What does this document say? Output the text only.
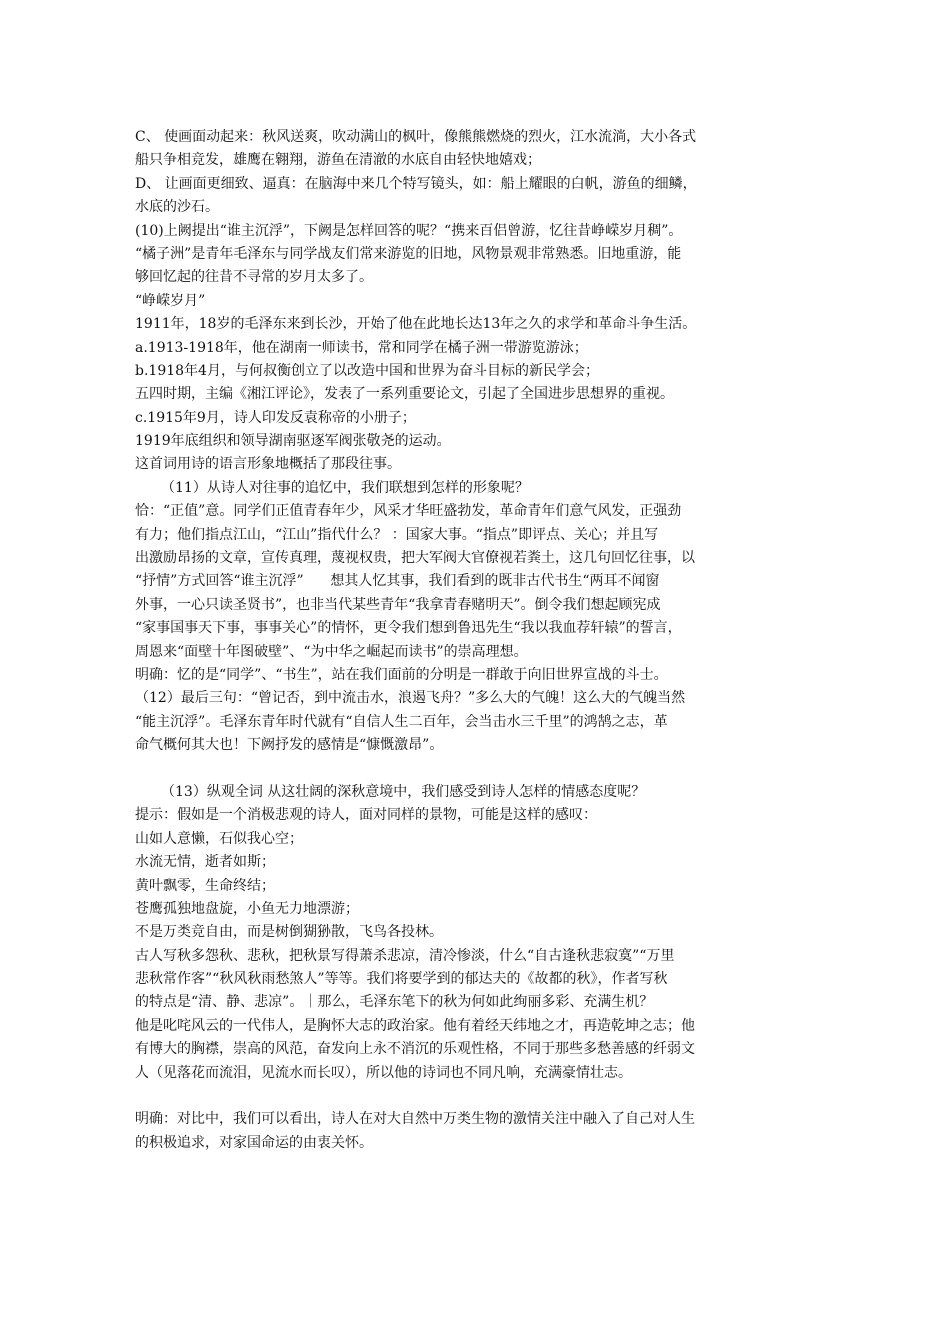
C、 使画面动起来：秋风送爽，吹动满山的枫叶，像熊熊燃烧的烈火，江水流淌，大小各式
船只争相竞发，雄鹰在翱翔，游鱼在清澈的水底自由轻快地嬉戏；
D、 让画面更细致、逼真：在脑海中来几个特写镜头，如：船上耀眼的白帆，游鱼的细鳞，
水底的沙石。
(10)上阙提出“谁主沉浮”，下阙是怎样回答的呢？“携来百侣曾游，忆往昔峥嵘岁月稠”。
“橘子洲”是青年毛泽东与同学战友们常来游览的旧地，风物景观非常熟悉。旧地重游，能
够回忆起的往昔不寻常的岁月太多了。
“峥嵘岁月”
1911年，18岁的毛泽东来到长沙，开始了他在此地长达13年之久的求学和革命斗争生活。
a.1913-1918年，他在湖南一师读书，常和同学在橘子洲一带游览游泳；
b.1918年4月，与何叔衡创立了以改造中国和世界为奋斗目标的新民学会；
五四时期，主编《湘江评论》，发表了一系列重要论文，引起了全国进步思想界的重视。
c.1915年9月，诗人印发反袁称帝的小册子；
1919年底组织和领导湖南驱逐军阀张敬尧的运动。
这首词用诗的语言形象地概括了那段往事。
（11）从诗人对往事的追忆中，我们联想到怎样的形象呢？
恰：“正值”意。同学们正值青春年少，风采才华旺盛勃发，革命青年们意气风发，正强劲
有力；他们指点江山，“江山”指代什么？ ：国家大事。“指点”即评点、关心；并且写
出激励昂扬的文章，宣传真理，蔑视权贵，把大军阀大官僚视若粪土，这几句回忆往事，以
“抒情”方式回答“谁主沉浮”      想其人忆其事，我们看到的既非古代书生“两耳不闻窗
外事，一心只读圣贤书”，也非当代某些青年“我拿青春赌明天”。倒令我们想起顾宪成
“家事国事天下事，事事关心”的情怀，更令我们想到鲁迅先生“我以我血荐轩辕”的誓言，
周恩来“面壁十年图破壁”、“为中华之崛起而读书”的崇高理想。
明确：忆的是“同学”、“书生”，站在我们面前的分明是一群敢于向旧世界宣战的斗士。
（12）最后三句：“曾记否，到中流击水，浪遏飞舟？”多么大的气魄！这么大的气魄当然
“能主沉浮”。毛泽东青年时代就有“自信人生二百年，会当击水三千里”的鸿鹄之志，革
命气概何其大也！下阙抒发的感情是“慷慨激昂”。
（13）纵观全词 从这壮阔的深秋意境中，我们感受到诗人怎样的情感态度呢？
提示：假如是一个消极悲观的诗人，面对同样的景物，可能是这样的感叹：
山如人意懒，石似我心空；
水流无情，逝者如斯；
黄叶飘零，生命终结；
苍鹰孤独地盘旋，小鱼无力地漂游；
不是万类竞自由，而是树倒猢狲散，飞鸟各投林。
古人写秋多怨秋、悲秋，把秋景写得萧杀悲凉，清冷惨淡，什么“自古逢秋悲寂寞”“万里
悲秋常作客”“秋风秋雨愁煞人”等等。我们将要学到的郁达夫的《故都的秋》，作者写秋
的特点是“清、静、悲凉”。｜那么，毛泽东笔下的秋为何如此绚丽多彩、充满生机？
他是叱咤风云的一代伟人，是胸怀大志的政治家。他有着经天纬地之才，再造乾坤之志；他
有博大的胸襟，崇高的风范，奋发向上永不消沉的乐观性格，不同于那些多愁善感的纤弱文
人（见落花而流泪，见流水而长叹），所以他的诗词也不同凡响，充满豪情壮志。
明确：对比中，我们可以看出，诗人在对大自然中万类生物的激情关注中融入了自己对人生
的积极追求，对家国命运的由衷关怀。
